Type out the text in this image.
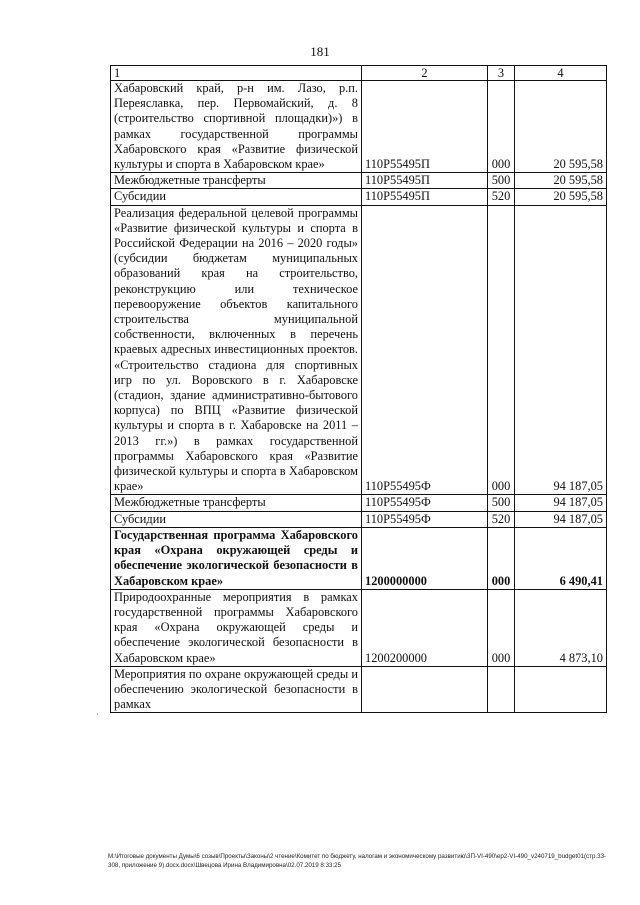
181
1	2	3	4
Хабаровский край, р-н им. Лазо, р.п. Переяславка, пер. Первомайский, д. 8 (строительство спортивной площадки)») в рамках государственной программы Хабаровского края «Развитие физической культуры и спорта в Хабаровском крае»	110Р55495П	000	20 595,58
Межбюджетные трансферты	110Р55495П	500	20 595,58
Субсидии	110Р55495П	520	20 595,58
Реализация федеральной целевой программы «Развитие физической культуры и спорта в Российской Федерации на 2016 – 2020 годы» (субсидии бюджетам муниципальных образований края на строительство, реконструкцию или техническое перевооружение объектов капитального строительства муниципальной собственности, включенных в перечень краевых адресных инвестиционных проектов. «Строительство стадиона для спортивных игр по ул. Воровского в г. Хабаровске (стадион, здание административно-бытового корпуса) по ВПЦ «Развитие физической культуры и спорта в г. Хабаровске на 2011 – 2013 гг.») в рамках государственной программы Хабаровского края «Развитие физической культуры и спорта в Хабаровском крае»	110Р55495Ф	000	94 187,05
Межбюджетные трансферты	110Р55495Ф	500	94 187,05
Субсидии	110Р55495Ф	520	94 187,05
Государственная программа Хабаровского края «Охрана окружающей среды и обеспечение экологической безопасности в Хабаровском крае»	1200000000	000	6 490,41
Природоохранные мероприятия в рамках государственной программы Хабаровского края «Охрана окружающей среды и обеспечение экологической безопасности в Хабаровском крае»	1200200000	000	4 873,10
Мероприятия по охране окружающей среды и обеспечению экологической безопасности в рамках			
·
М:\Итоговые документы Думы\6 созыв\Проекты\Законы\2 чтение\Комитет по бюджету, налогам и экономическому развитию\3П-VI-490\ер2-VI-490_v240719_budget01(стр.33-308, приложение 9).docx.docx\Швецова Ирина Владимировна\02.07.2019 8:33:25
